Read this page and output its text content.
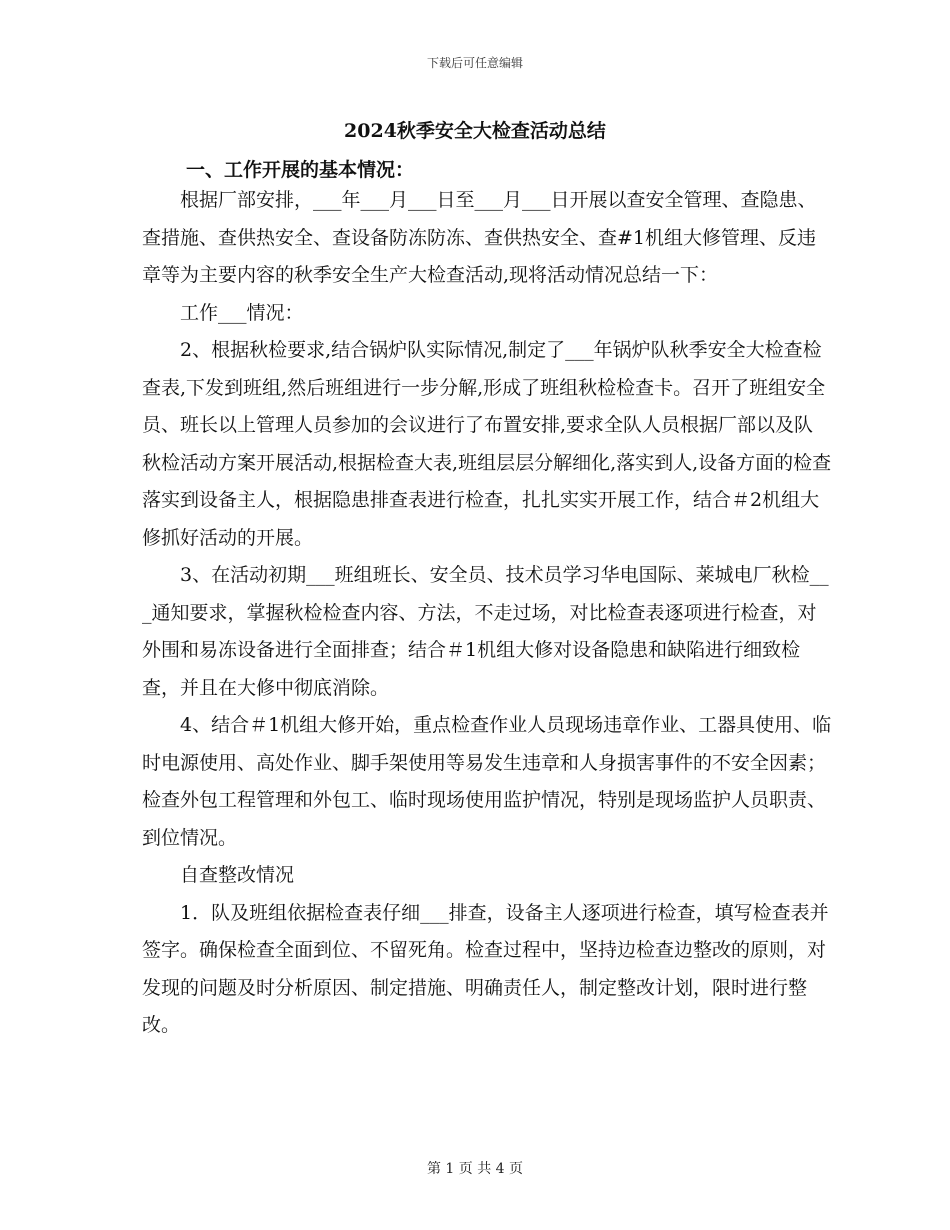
下载后可任意编辑
2024秋季安全大检查活动总结
一、工作开展的基本情况：

根据厂部安排，___年___月___日至___月___日开展以查安全管理、查隐患、查措施、查供热安全、查设备防冻防冻、查供热安全、查#1机组大修管理、反违章等为主要内容的秋季安全生产大检查活动,现将活动情况总结一下：

工作___情况：

2、根据秋检要求,结合锅炉队实际情况,制定了___年锅炉队秋季安全大检查检查表,下发到班组,然后班组进行一步分解,形成了班组秋检检查卡。召开了班组安全员、班长以上管理人员参加的会议进行了布置安排,要求全队人员根据厂部以及队秋检活动方案开展活动,根据检查大表,班组层层分解细化,落实到人,设备方面的检查落实到设备主人，根据隐患排查表进行检查，扎扎实实开展工作，结合＃2机组大修抓好活动的开展。

3、在活动初期___班组班长、安全员、技术员学习华电国际、莱城电厂秋检___通知要求，掌握秋检检查内容、方法，不走过场，对比检查表逐项进行检查，对外围和易冻设备进行全面排查；结合＃1机组大修对设备隐患和缺陷进行细致检查，并且在大修中彻底消除。

4、结合＃1机组大修开始，重点检查作业人员现场违章作业、工器具使用、临时电源使用、高处作业、脚手架使用等易发生违章和人身损害事件的不安全因素；检查外包工程管理和外包工、临时现场使用监护情况，特别是现场监护人员职责、到位情况。

自查整改情况

1．队及班组依据检查表仔细___排查，设备主人逐项进行检查，填写检查表并签字。确保检查全面到位、不留死角。检查过程中，坚持边检查边整改的原则，对发现的问题及时分析原因、制定措施、明确责任人，制定整改计划，限时进行整改。

第 1 页 共 4 页
